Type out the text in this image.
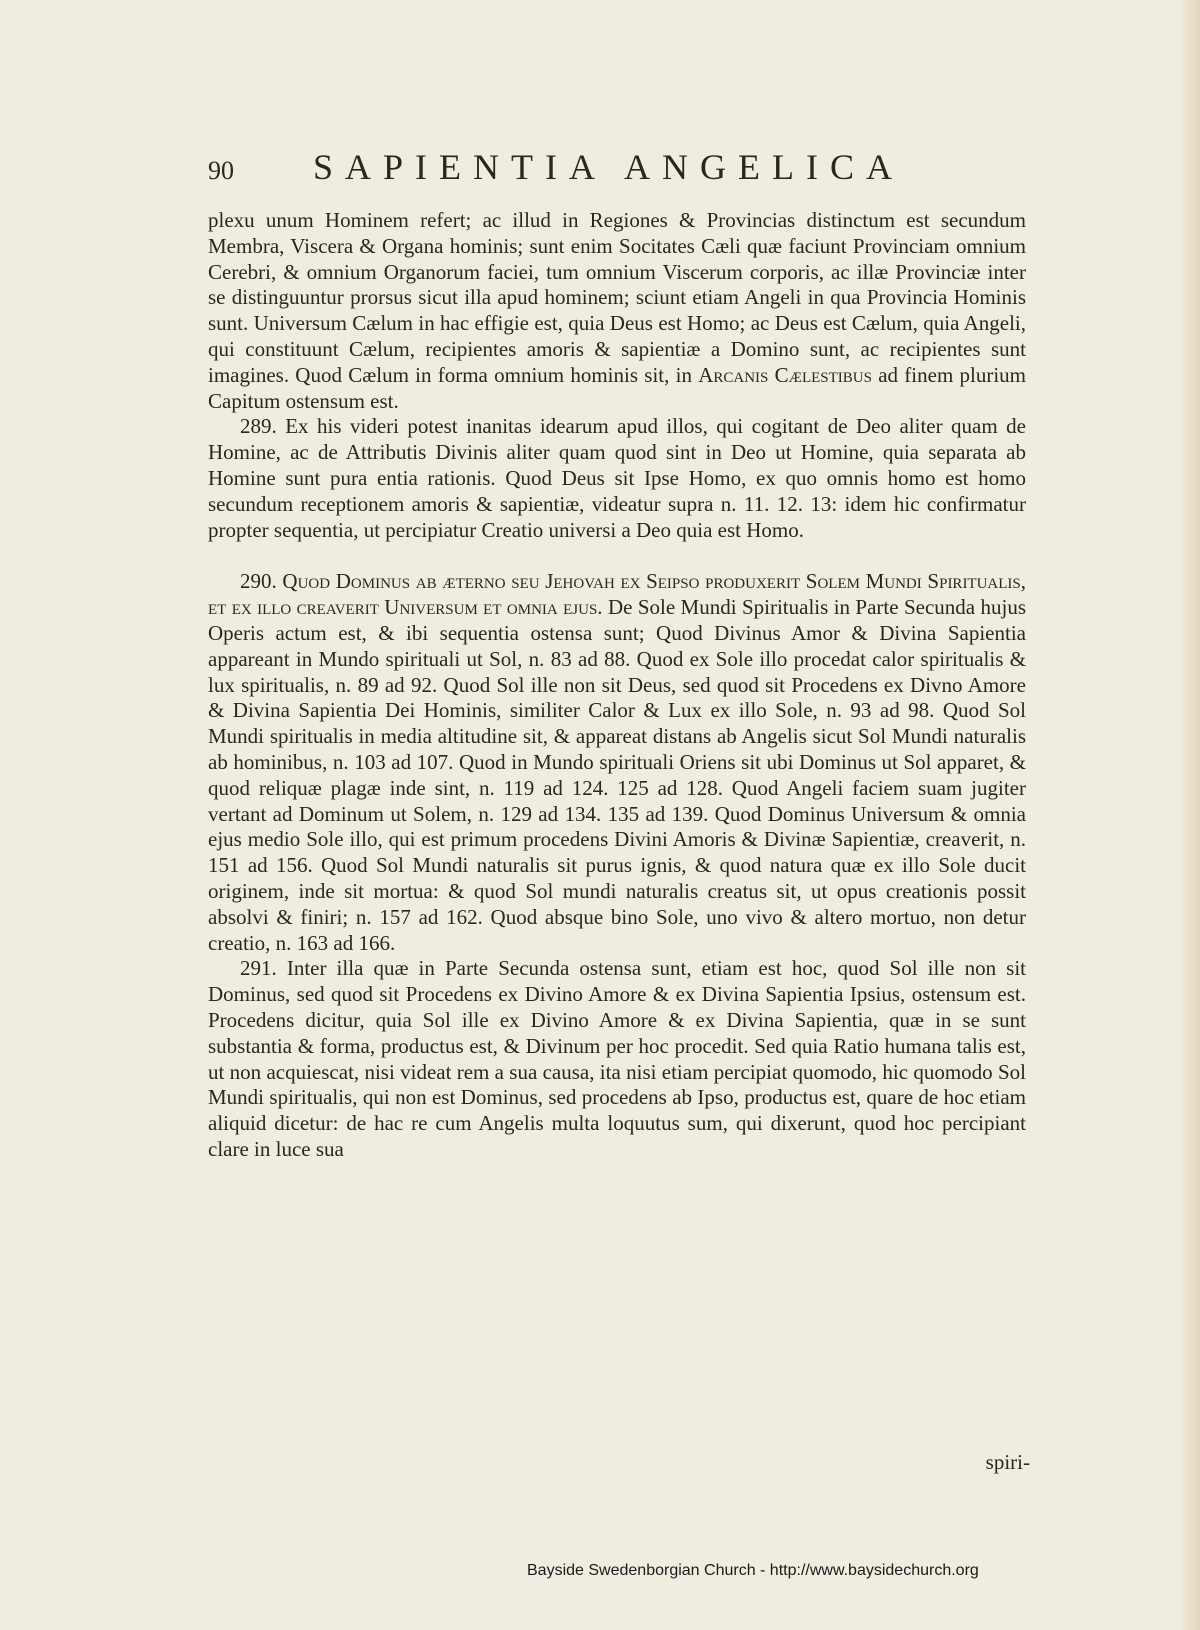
90	SAPIENTIA ANGELICA

plexu unum Hominem refert; ac illud in Regiones & Provincias distinctum est secundum Membra, Viscera & Organa hominis; sunt enim Socitates Cæli quæ faciunt Provinciam omnium Cerebri, & omnium Organorum faciei, tum omnium Viscerum corporis, ac illæ Provinciæ inter se distinguuntur prorsus sicut illa apud hominem; sciunt etiam Angeli in qua Provincia Hominis sunt. Universum Cælum in hac effigie est, quia Deus est Homo; ac Deus est Cælum, quia Angeli, qui constituunt Cælum, recipientes amoris & sapientiæ a Domino sunt, ac recipientes sunt imagines. Quod Cælum in forma omnium hominis sit, in Arcanis Cælestibus ad finem plurium Capitum ostensum est.

289. Ex his videri potest inanitas idearum apud illos, qui cogitant de Deo aliter quam de Homine, ac de Attributis Divinis aliter quam quod sint in Deo ut Homine, quia separata ab Homine sunt pura entia rationis. Quod Deus sit Ipse Homo, ex quo omnis homo est homo secundum receptionem amoris & sapientiæ, videatur supra n. 11. 12. 13: idem hic confirmatur propter sequentia, ut percipiatur Creatio universi a Deo quia est Homo.

290. Quod Dominus ab æterno seu Jehovah ex Seipso produxerit Solem Mundi Spiritualis, et ex illo creaverit Universum et omnia ejus. De Sole Mundi Spiritualis in Parte Secunda hujus Operis actum est, & ibi sequentia ostensa sunt; Quod Divinus Amor & Divina Sapientia appareant in Mundo spirituali ut Sol, n. 83 ad 88. Quod ex Sole illo procedat calor spiritualis & lux spiritualis, n. 89 ad 92. Quod Sol ille non sit Deus, sed quod sit Procedens ex Divno Amore & Divina Sapientia Dei Hominis, similiter Calor & Lux ex illo Sole, n. 93 ad 98. Quod Sol Mundi spiritualis in media altitudine sit, & appareat distans ab Angelis sicut Sol Mundi naturalis ab hominibus, n. 103 ad 107. Quod in Mundo spirituali Oriens sit ubi Dominus ut Sol apparet, & quod reliquæ plagæ inde sint, n. 119 ad 124. 125 ad 128. Quod Angeli faciem suam jugiter vertant ad Dominum ut Solem, n. 129 ad 134. 135 ad 139. Quod Dominus Universum & omnia ejus medio Sole illo, qui est primum procedens Divini Amoris & Divinæ Sapientiæ, creaverit, n. 151 ad 156. Quod Sol Mundi naturalis sit purus ignis, & quod natura quæ ex illo Sole ducit originem, inde sit mortua: & quod Sol mundi naturalis creatus sit, ut opus creationis possit absolvi & finiri; n. 157 ad 162. Quod absque bino Sole, uno vivo & altero mortuo, non detur creatio, n. 163 ad 166.

291. Inter illa quæ in Parte Secunda ostensa sunt, etiam est hoc, quod Sol ille non sit Dominus, sed quod sit Procedens ex Divino Amore & ex Divina Sapientia Ipsius, ostensum est. Procedens dicitur, quia Sol ille ex Divino Amore & ex Divina Sapientia, quæ in se sunt substantia & forma, productus est, & Divinum per hoc procedit. Sed quia Ratio humana talis est, ut non acquiescat, nisi videat rem a sua causa, ita nisi etiam percipiat quomodo, hic quomodo Sol Mundi spiritualis, qui non est Dominus, sed procedens ab Ipso, productus est, quare de hoc etiam aliquid dicetur: de hac re cum Angelis multa loquutus sum, qui dixerunt, quod hoc percipiant clare in luce sua

spiri-
Bayside Swedenborgian Church - http://www.baysidechurch.org
